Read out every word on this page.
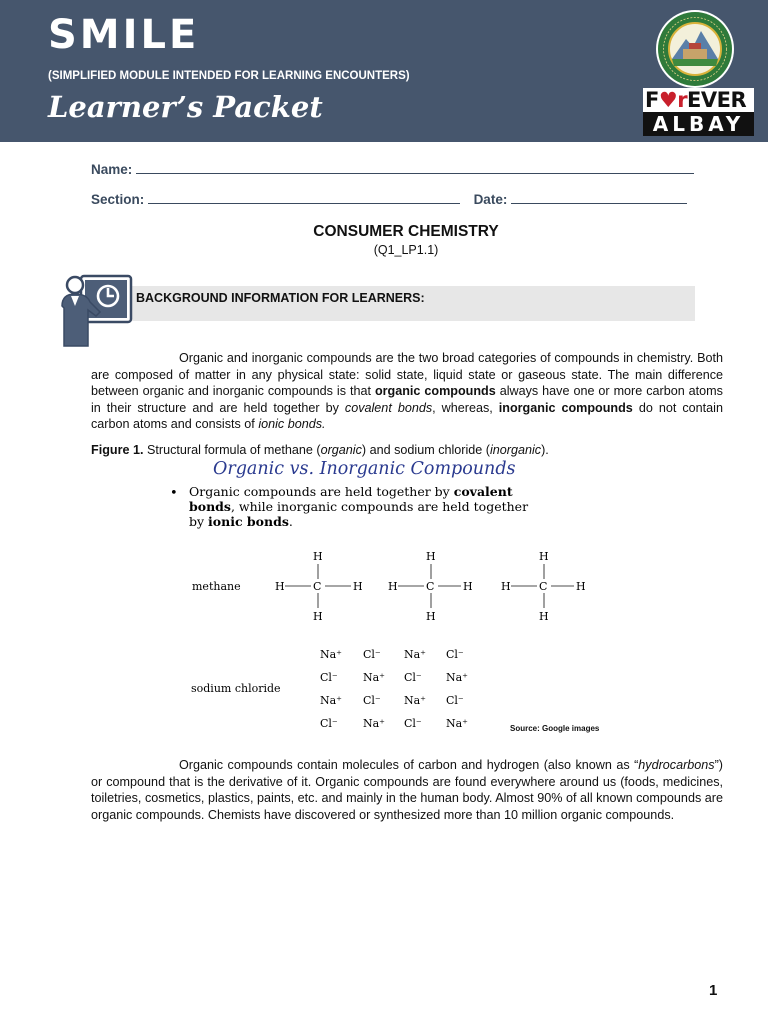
SMILE
(SIMPLIFIED MODULE INTENDED FOR LEARNING ENCOUNTERS)
Learner’s Packet	F♥rEVER
ALBAY
Name:
Section:	Date:
CONSUMER CHEMISTRY
(Q1_LP1.1)
BACKGROUND INFORMATION FOR LEARNERS:
Organic and inorganic compounds are the two broad categories of compounds in chemistry. Both are composed of matter in any physical state: solid state, liquid state or gaseous state. The main difference between organic and inorganic compounds is that organic compounds always have one or more carbon atoms in their structure and are held together by covalent bonds, whereas, inorganic compounds do not contain carbon atoms and consists of ionic bonds.
Figure 1. Structural formula of methane (organic) and sodium chloride (inorganic).
Organic vs. Inorganic Compounds
• Organic compounds are held together by covalent
bonds, while inorganic compounds are held together
by ionic bonds.
methane
H
H	C	H
H
H
H	C	H
H
H
H	C	H
H
sodium chloride
Na⁺ Cl⁻ Na⁺ Cl⁻
Cl⁻ Na⁺ Cl⁻ Na⁺
Na⁺ Cl⁻ Na⁺ Cl⁻
Cl⁻ Na⁺ Cl⁻ Na⁺	Source: Google images
Organic compounds contain molecules of carbon and hydrogen (also known as “hydrocarbons”) or compound that is the derivative of it. Organic compounds are found everywhere around us (foods, medicines, toiletries, cosmetics, plastics, paints, etc. and mainly in the human body. Almost 90% of all known compounds are organic compounds. Chemists have discovered or synthesized more than 10 million organic compounds.
1
